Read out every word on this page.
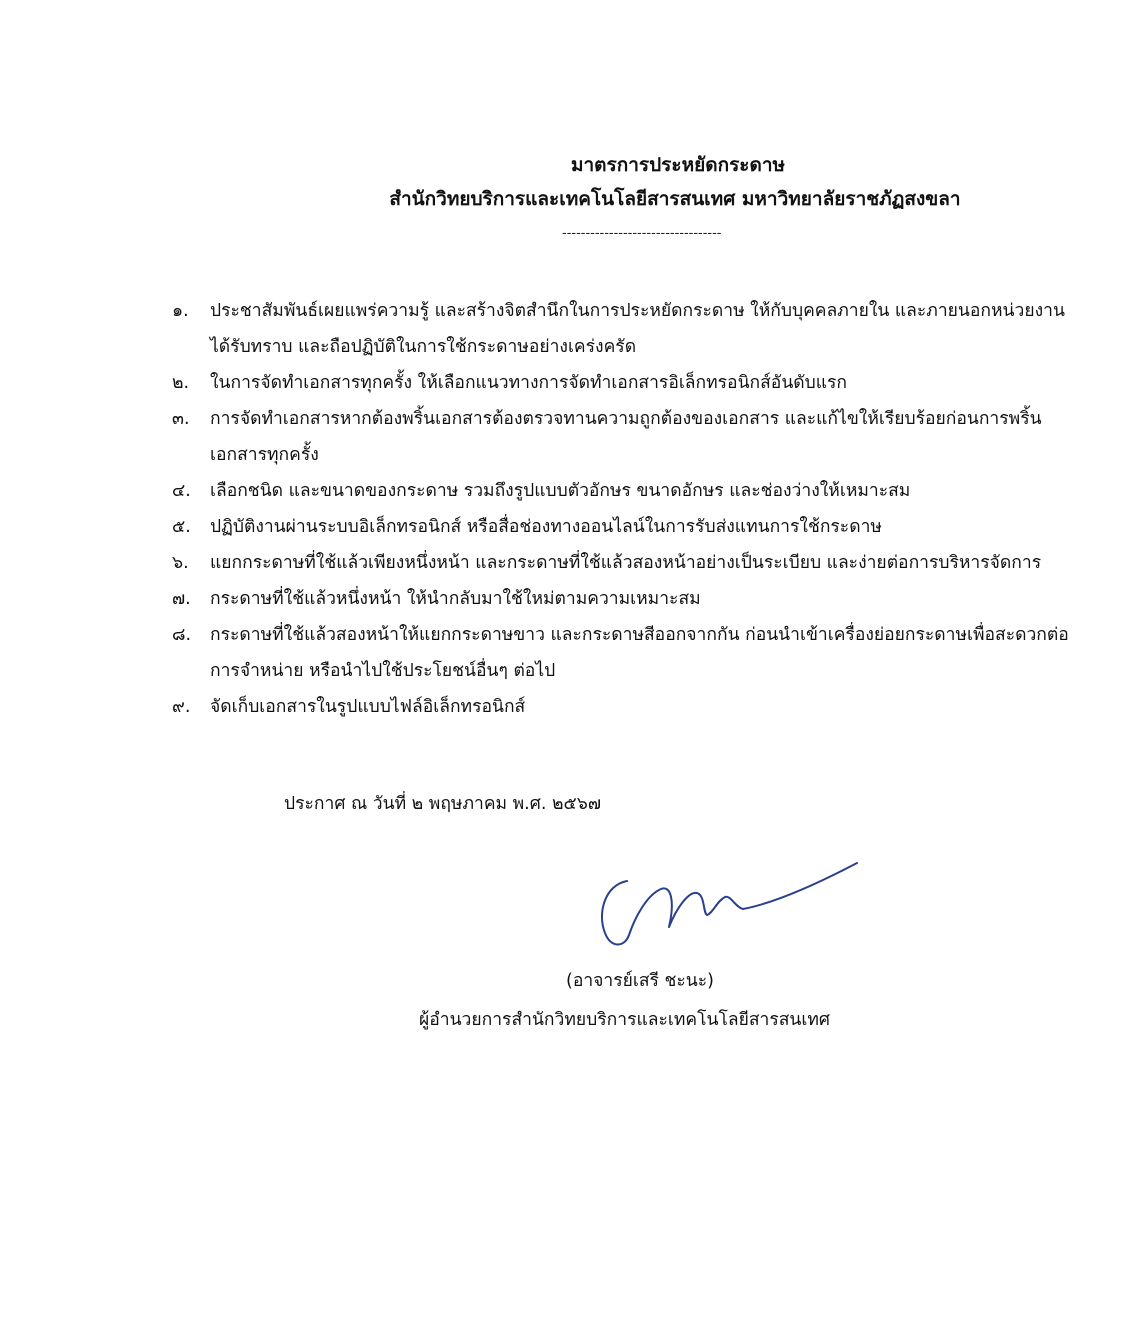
มาตรการประหยัดกระดาษ
สำนักวิทยบริการและเทคโนโลยีสารสนเทศ มหาวิทยาลัยราชภัฏสงขลา
----------------------------------
๑.	ประชาสัมพันธ์เผยแพร่ความรู้ และสร้างจิตสำนึกในการประหยัดกระดาษ ให้กับบุคคลภายใน และภายนอกหน่วยงานได้รับทราบ และถือปฏิบัติในการใช้กระดาษอย่างเคร่งครัด
๒.	ในการจัดทำเอกสารทุกครั้ง ให้เลือกแนวทางการจัดทำเอกสารอิเล็กทรอนิกส์อันดับแรก
๓.	การจัดทำเอกสารหากต้องพริ้นเอกสารต้องตรวจทานความถูกต้องของเอกสาร และแก้ไขให้เรียบร้อยก่อนการพริ้นเอกสารทุกครั้ง
๔.	เลือกชนิด และขนาดของกระดาษ รวมถึงรูปแบบตัวอักษร ขนาดอักษร และช่องว่างให้เหมาะสม
๕.	ปฏิบัติงานผ่านระบบอิเล็กทรอนิกส์ หรือสื่อช่องทางออนไลน์ในการรับส่งแทนการใช้กระดาษ
๖.	แยกกระดาษที่ใช้แล้วเพียงหนึ่งหน้า และกระดาษที่ใช้แล้วสองหน้าอย่างเป็นระเบียบ และง่ายต่อการบริหารจัดการ
๗.	กระดาษที่ใช้แล้วหนึ่งหน้า ให้นำกลับมาใช้ใหม่ตามความเหมาะสม
๘.	กระดาษที่ใช้แล้วสองหน้าให้แยกกระดาษขาว และกระดาษสีออกจากกัน ก่อนนำเข้าเครื่องย่อยกระดาษเพื่อสะดวกต่อการจำหน่าย หรือนำไปใช้ประโยชน์อื่นๆ ต่อไป
๙.	จัดเก็บเอกสารในรูปแบบไฟล์อิเล็กทรอนิกส์
ประกาศ ณ วันที่ ๒ พฤษภาคม พ.ศ. ๒๕๖๗
(อาจารย์เสรี ชะนะ)
ผู้อำนวยการสำนักวิทยบริการและเทคโนโลยีสารสนเทศ
